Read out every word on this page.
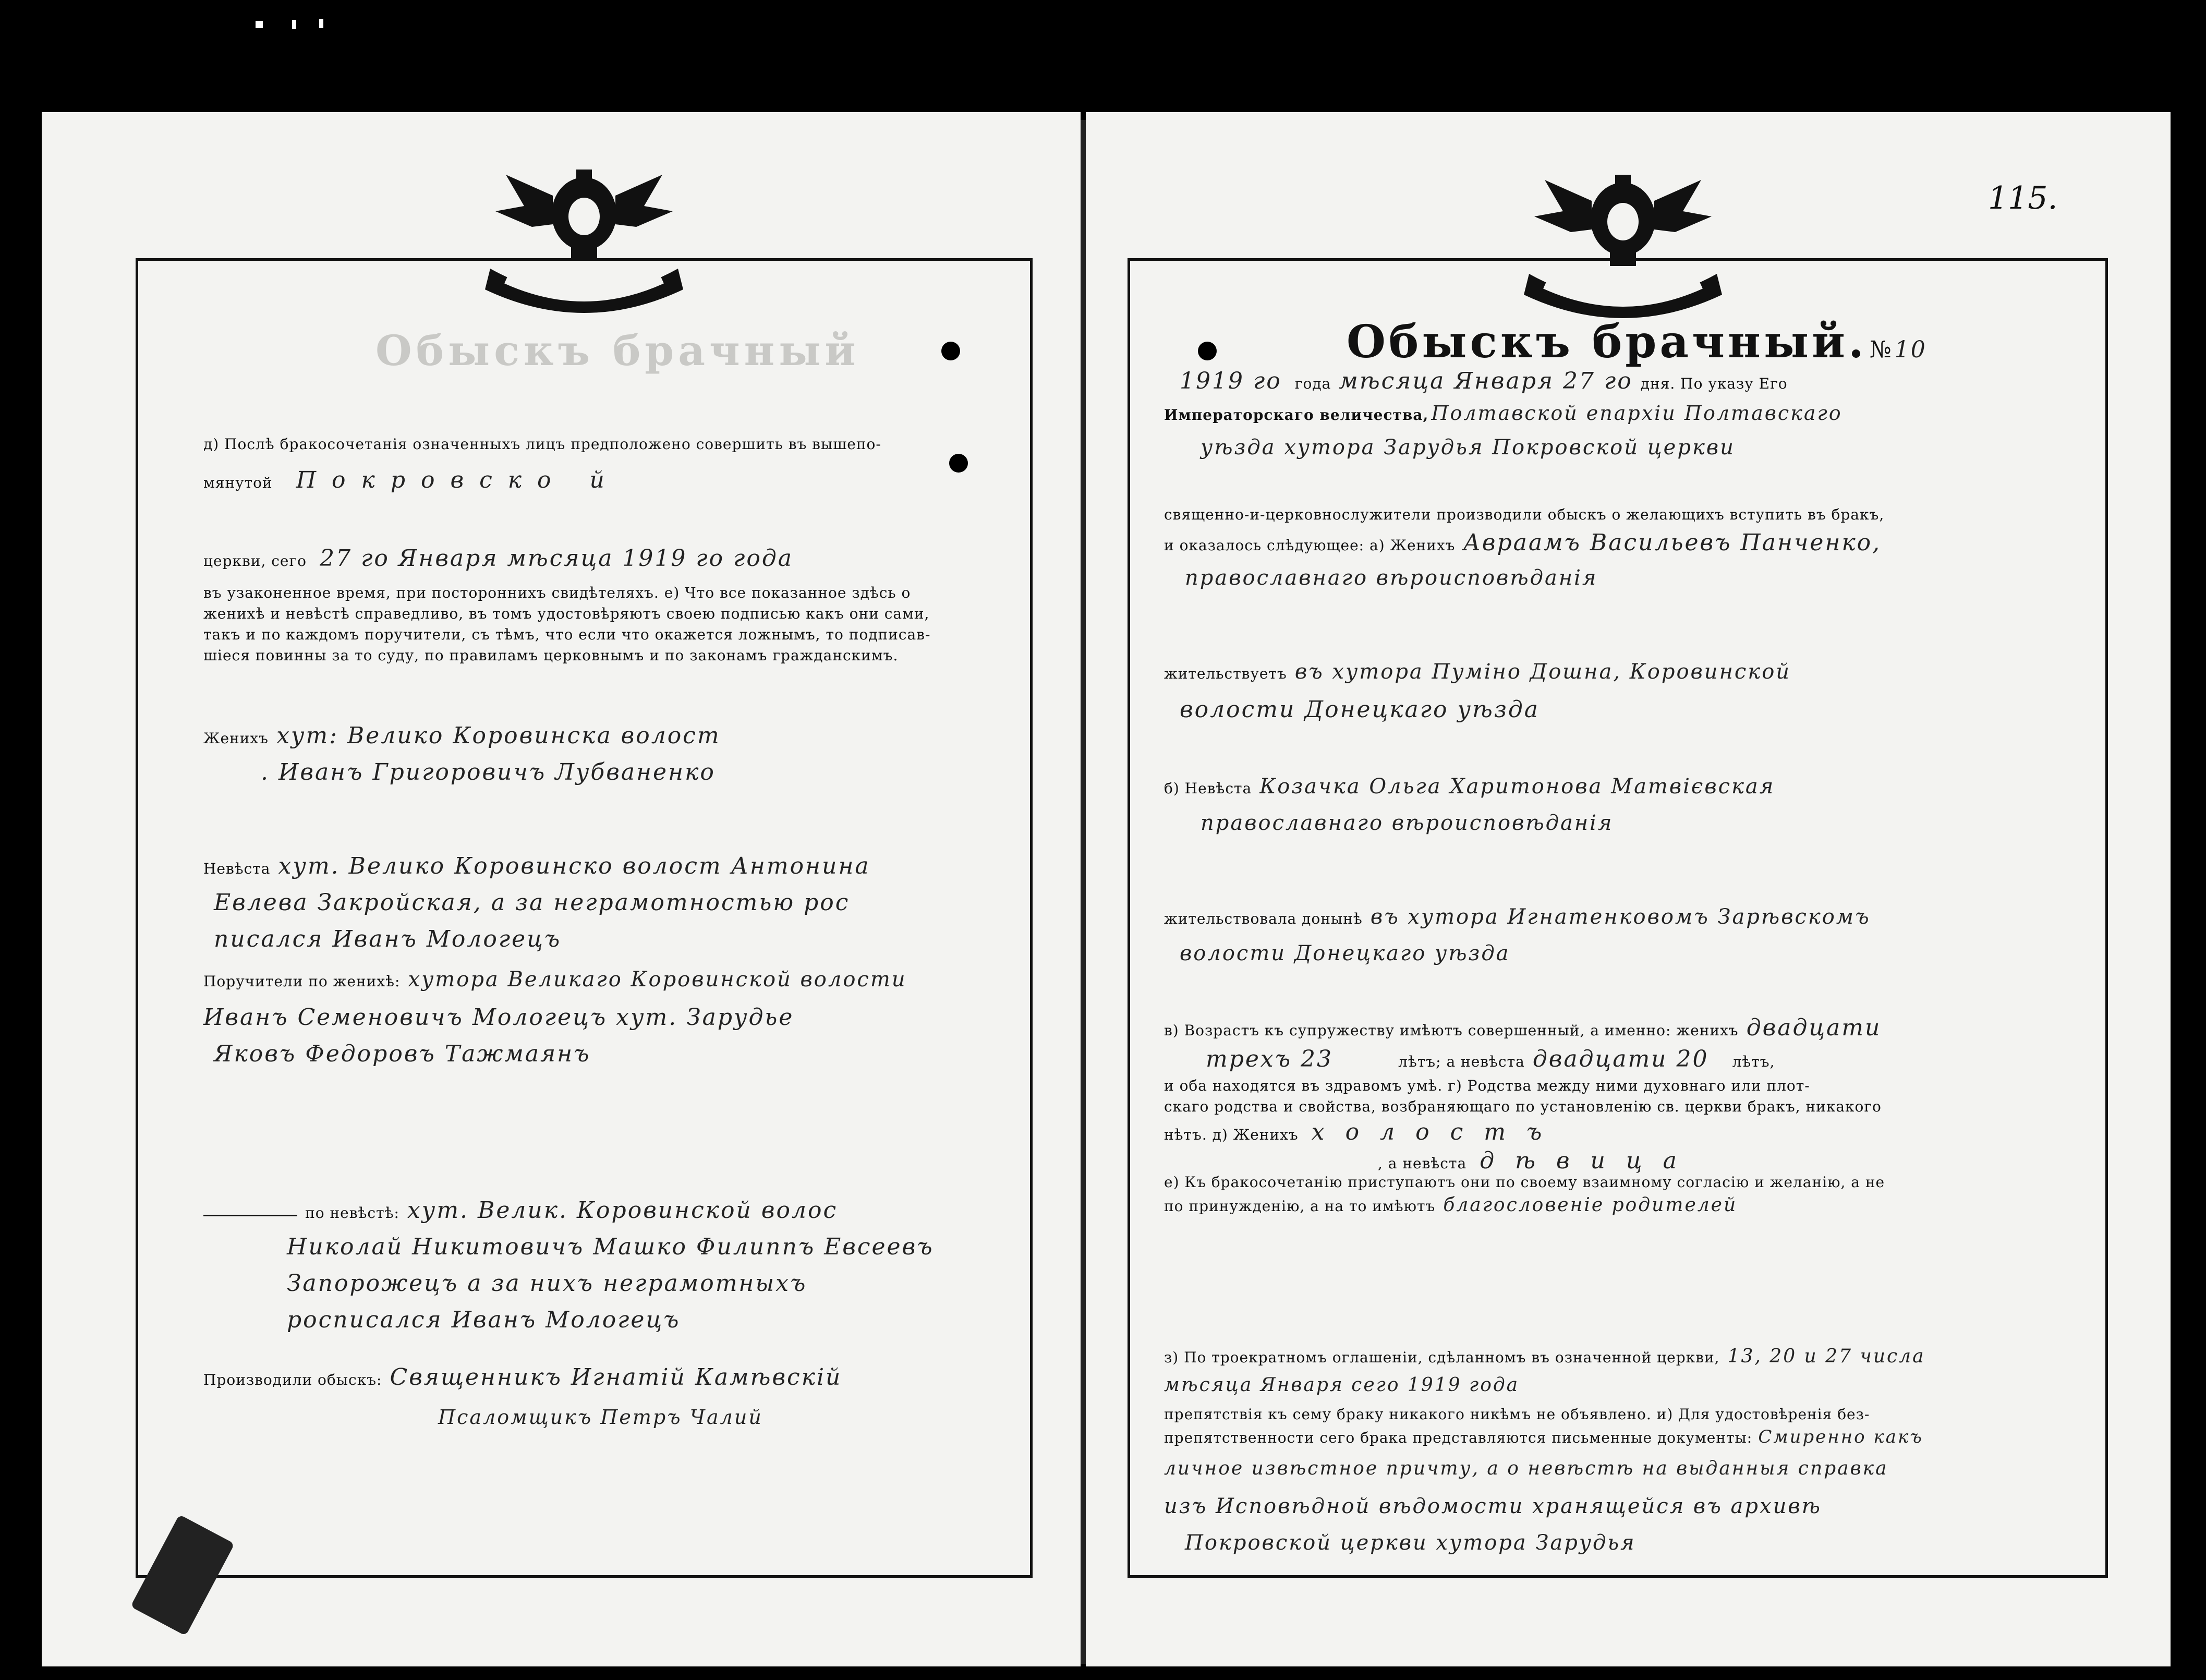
Обыскъ брачный
д) Послѣ бракосочетанія означенныхъ лицъ предположено совершить въ вышепо-
мянутой Покровско й
церкви, сего 27 го Января мѣсяца 1919 го года
въ узаконенное время, при постороннихъ свидѣтеляхъ. е) Что все показанное здѣсь о
женихѣ и невѣстѣ справедливо, въ томъ удостовѣряютъ своею подписью какъ они сами,
такъ и по каждомъ поручители, съ тѣмъ, что если что окажется ложнымъ, то подписав-
шіеся повинны за то суду, по правиламъ церковнымъ и по законамъ гражданскимъ.
Женихъ хут: Велико Коровинска волост
. Иванъ Григоровичъ Лубваненко
Невѣста хут. Велико Коровинско волост Антонина
Евлева Закройская, а за неграмотностью рос
писался Иванъ Мологецъ
Поручители по женихѣ: хутора Великаго Коровинской волости
Иванъ Семеновичъ Мологецъ хут. Зарудье
Яковъ Федоровъ Тажмаянъ
по невѣстѣ: хут. Велик. Коровинской волос
Николай Никитовичъ Машко Филиппъ Евсеевъ
Запорожецъ а за нихъ неграмотныхъ
росписался Иванъ Мологецъ
Производили обыскъ: Священникъ Игнатій Камѣвскій
Псаломщикъ Петръ Чалий
115.
Обыскъ брачный. № 10
1919 го года мѣсяца Января 27 го дня. По указу Его
Императорскаго величества, Полтавской епархіи Полтавскаго
уѣзда хутора Зарудья Покровской церкви
священно-и-церковнослужители производили обыскъ о желающихъ вступить въ бракъ,
и оказалось слѣдующее: а) Женихъ Авраамъ Васильевъ Панченко,
православнаго вѣроисповѣданія
жительствуетъ въ хутора Пуміно Дошна, Коровинской
волости Донецкаго уѣзда
б) Невѣста Козачка Ольга Харитонова Матвієвская
православнаго вѣроисповѣданія
жительствовала донынѣ въ хутора Игнатенковомъ Зарѣвскомъ
волости Донецкаго уѣзда
в) Возрастъ къ супружеству имѣютъ совершенный, а именно: женихъ двадцати
трехъ 23	лѣтъ; а невѣста двадцати 20 лѣтъ,
и оба находятся въ здравомъ умѣ. г) Родства между ними духовнаго или плот-
скаго родства и свойства, возбраняющаго по установленію св. церкви бракъ, никакого
нѣтъ. д) Женихъ холостъ
, а невѣста дѣвица
е) Къ бракосочетанію приступаютъ они по своему взаимному согласію и желанію, а не
по принужденію, а на то имѣютъ благословеніе родителей
з) По троекратномъ оглашеніи, сдѣланномъ въ означенной церкви, 13, 20 и 27 числа
мѣсяца Января сего 1919 года
препятствія къ сему браку никакого никѣмъ не объявлено. и) Для удостовѣренія без-
препятственности сего брака представляются письменные документы: Смиренно какъ
личное извѣстное причту, а о невѣстѣ на выданныя справка
изъ Исповѣдной вѣдомости хранящейся въ архивѣ
Покровской церкви хутора Зарудья
